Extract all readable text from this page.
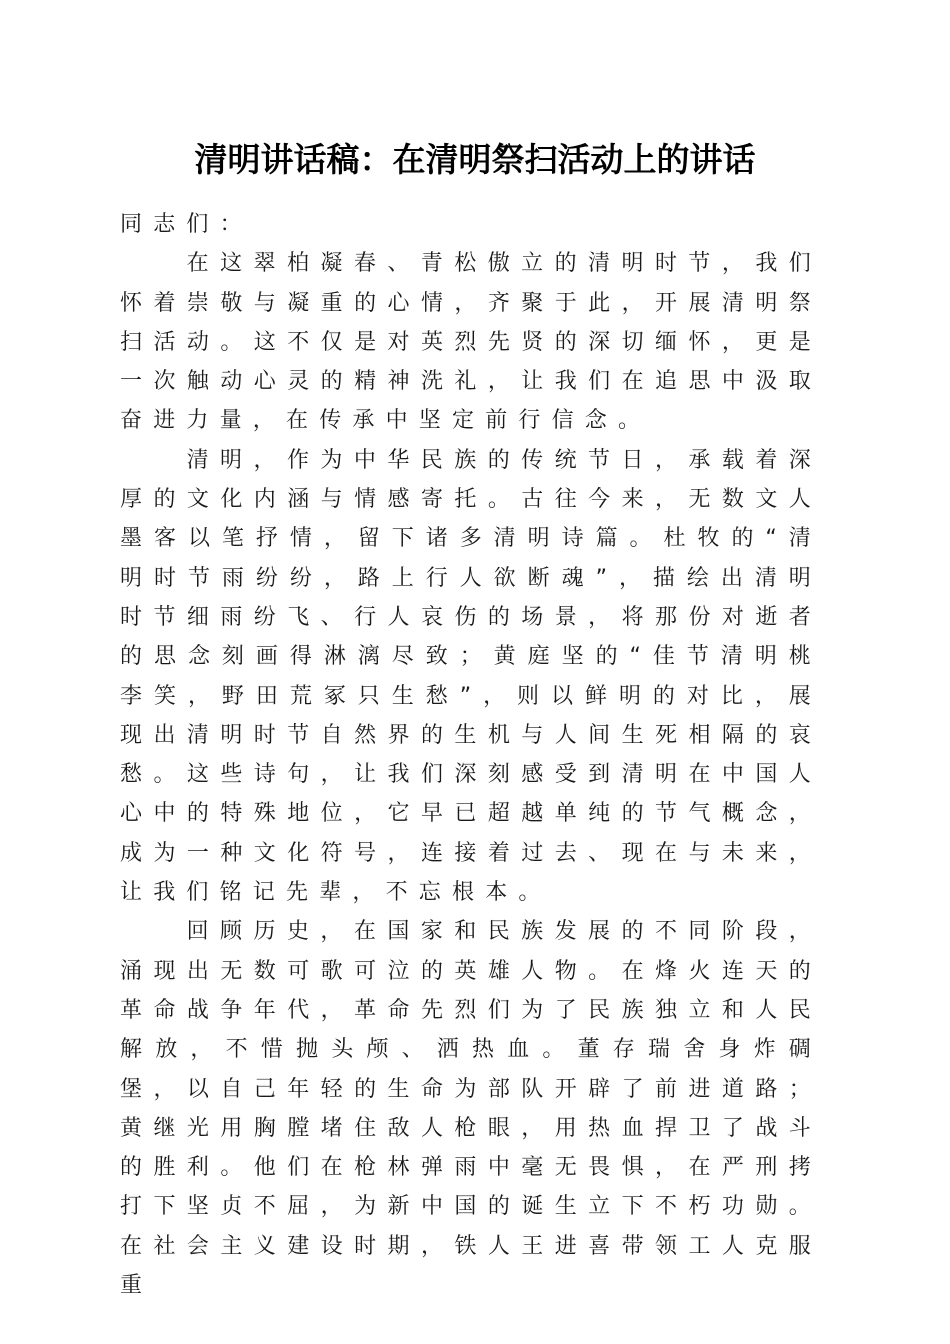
清明讲话稿：在清明祭扫活动上的讲话

同志们：

在这翠柏凝春、青松傲立的清明时节，我们怀着崇敬与凝重的心情，齐聚于此，开展清明祭扫活动。这不仅是对英烈先贤的深切缅怀，更是一次触动心灵的精神洗礼，让我们在追思中汲取奋进力量，在传承中坚定前行信念。

清明，作为中华民族的传统节日，承载着深厚的文化内涵与情感寄托。古往今来，无数文人墨客以笔抒情，留下诸多清明诗篇。杜牧的“清明时节雨纷纷，路上行人欲断魂”，描绘出清明时节细雨纷飞、行人哀伤的场景，将那份对逝者的思念刻画得淋漓尽致；黄庭坚的“佳节清明桃李笑，野田荒冢只生愁”，则以鲜明的对比，展现出清明时节自然界的生机与人间生死相隔的哀愁。这些诗句，让我们深刻感受到清明在中国人心中的特殊地位，它早已超越单纯的节气概念，成为一种文化符号，连接着过去、现在与未来，让我们铭记先辈，不忘根本。

回顾历史，在国家和民族发展的不同阶段，涌现出无数可歌可泣的英雄人物。在烽火连天的革命战争年代，革命先烈们为了民族独立和人民解放，不惜抛头颅、洒热血。董存瑞舍身炸碉堡，以自己年轻的生命为部队开辟了前进道路；黄继光用胸膛堵住敌人枪眼，用热血捍卫了战斗的胜利。他们在枪林弹雨中毫无畏惧，在严刑拷打下坚贞不屈，为新中国的诞生立下不朽功勋。在社会主义建设时期，铁人王进喜带领工人克服重
